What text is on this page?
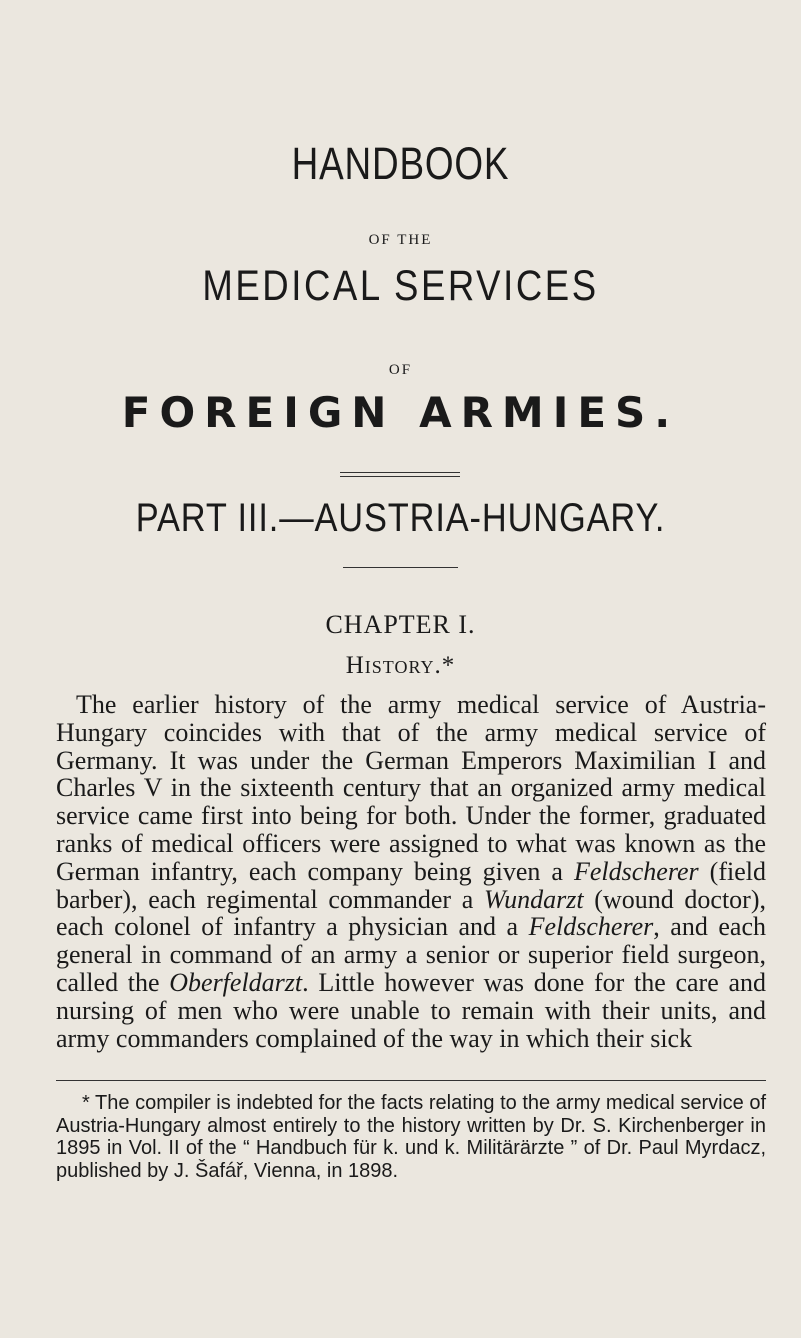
HANDBOOK
OF THE
MEDICAL SERVICES
OF
FOREIGN ARMIES.
PART III.—AUSTRIA-HUNGARY.
CHAPTER I.
History.*

The earlier history of the army medical service of Austria-Hungary coincides with that of the army medical service of Germany. It was under the German Emperors Maximilian I and Charles V in the sixteenth century that an organized army medical service came first into being for both. Under the former, graduated ranks of medical officers were assigned to what was known as the German infantry, each company being given a Feldscherer (field barber), each regimental commander a Wundarzt (wound doctor), each colonel of infantry a physician and a Feldscherer, and each general in command of an army a senior or superior field surgeon, called the Oberfeldarzt. Little however was done for the care and nursing of men who were unable to remain with their units, and army commanders complained of the way in which their sick

* The compiler is indebted for the facts relating to the army medical service of Austria-Hungary almost entirely to the history written by Dr. S. Kirchenberger in 1895 in Vol. II of the “ Handbuch für k. und k. Militärärzte ” of Dr. Paul Myrdacz, published by J. Šafář, Vienna, in 1898.
